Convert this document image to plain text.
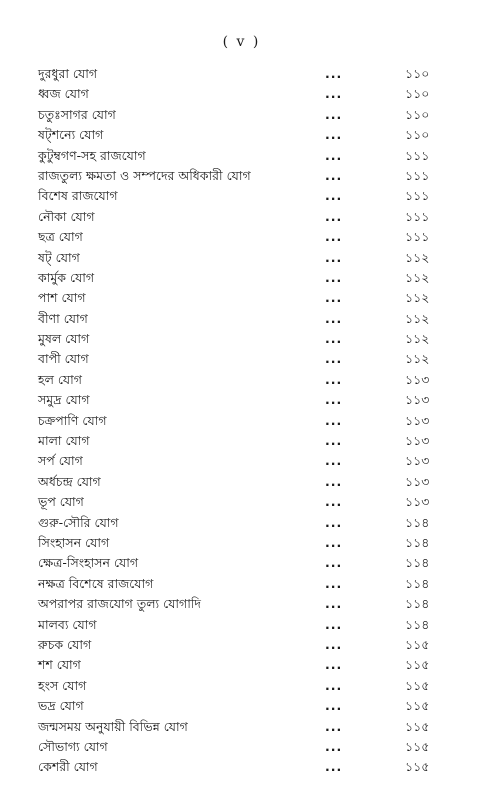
( v )
দুরধুরা যোগ	...	১১০
ধ্বজ যোগ	...	১১০
চতুঃসাগর যোগ	...	১১০
ষট্শন্যে যোগ	...	১১০
কুটুম্বগণ-সহ রাজযোগ	...	১১১
রাজতুল্য ক্ষমতা ও সম্পদের অধিকারী যোগ	...	১১১
বিশেষ রাজযোগ	...	১১১
নৌকা যোগ	...	১১১
ছত্র যোগ	...	১১১
ষট্ যোগ	...	১১২
কার্মুক যোগ	...	১১২
পাশ যোগ	...	১১২
বীণা যোগ	...	১১২
মুষল যোগ	...	১১২
বাপী যোগ	...	১১২
হল যোগ	...	১১৩
সমুদ্র যোগ	...	১১৩
চক্রপাণি যোগ	...	১১৩
মালা যোগ	...	১১৩
সর্প যোগ	...	১১৩
অর্ধচন্দ্র যোগ	...	১১৩
ভূপ যোগ	...	১১৩
গুরু-সৌরি যোগ	...	১১৪
সিংহাসন যোগ	...	১১৪
ক্ষেত্র-সিংহাসন যোগ	...	১১৪
নক্ষত্র বিশেষে রাজযোগ	...	১১৪
অপরাপর রাজযোগ তুল্য যোগাদি	...	১১৪
মালব্য যোগ	...	১১৪
রুচক যোগ	...	১১৫
শশ যোগ	...	১১৫
হংস যোগ	...	১১৫
ভদ্র যোগ	...	১১৫
জন্মসময় অনুযায়ী বিভিন্ন যোগ	...	১১৫
সৌভাগ্য যোগ	...	১১৫
কেশরী যোগ	...	১১৫
